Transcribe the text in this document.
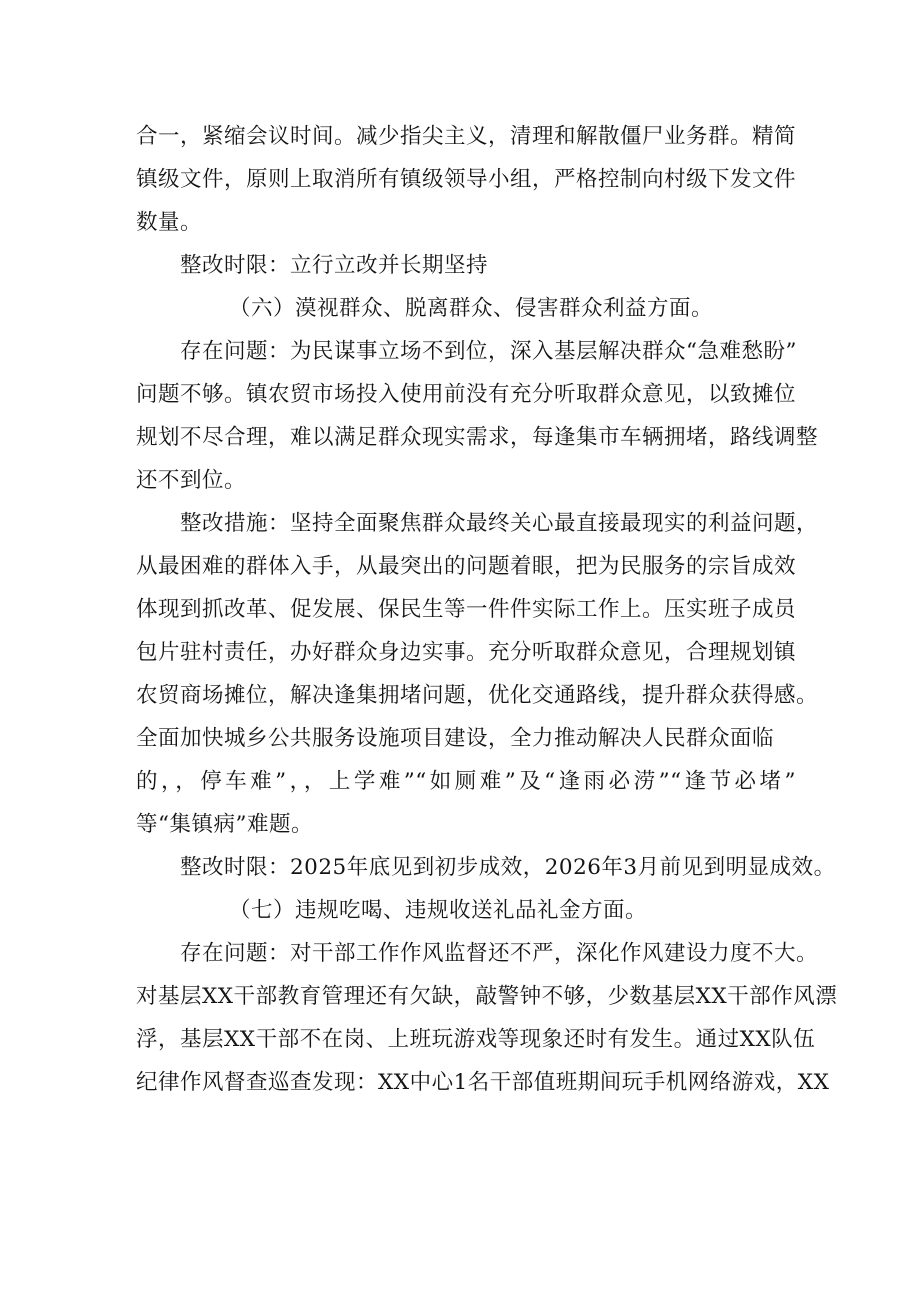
合一，紧缩会议时间。减少指尖主义，清理和解散僵尸业务群。精简

镇级文件，原则上取消所有镇级领导小组，严格控制向村级下发文件

数量。

整改时限：立行立改并长期坚持

（六）漠视群众、脱离群众、侵害群众利益方面。

存在问题：为民谋事立场不到位，深入基层解决群众“急难愁盼”

问题不够。镇农贸市场投入使用前没有充分听取群众意见，以致摊位

规划不尽合理，难以满足群众现实需求，每逢集市车辆拥堵，路线调整

还不到位。

整改措施：坚持全面聚焦群众最终关心最直接最现实的利益问题，

从最困难的群体入手，从最突出的问题着眼，把为民服务的宗旨成效

体现到抓改革、促发展、保民生等一件件实际工作上。压实班子成员

包片驻村责任，办好群众身边实事。充分听取群众意见，合理规划镇

农贸商场摊位，解决逢集拥堵问题，优化交通路线，提升群众获得感。

全面加快城乡公共服务设施项目建设，全力推动解决人民群众面临

的，，停车难”，，上学难”“如厕难”及“逢雨必涝”“逢节必堵”

等“集镇病”难题。

整改时限：2025年底见到初步成效，2026年3月前见到明显成效。

（七）违规吃喝、违规收送礼品礼金方面。

存在问题：对干部工作作风监督还不严，深化作风建设力度不大。

对基层XX干部教育管理还有欠缺，敲警钟不够，少数基层XX干部作风漂

浮，基层XX干部不在岗、上班玩游戏等现象还时有发生。通过XX队伍

纪律作风督查巡查发现：XX中心1名干部值班期间玩手机网络游戏，XX
